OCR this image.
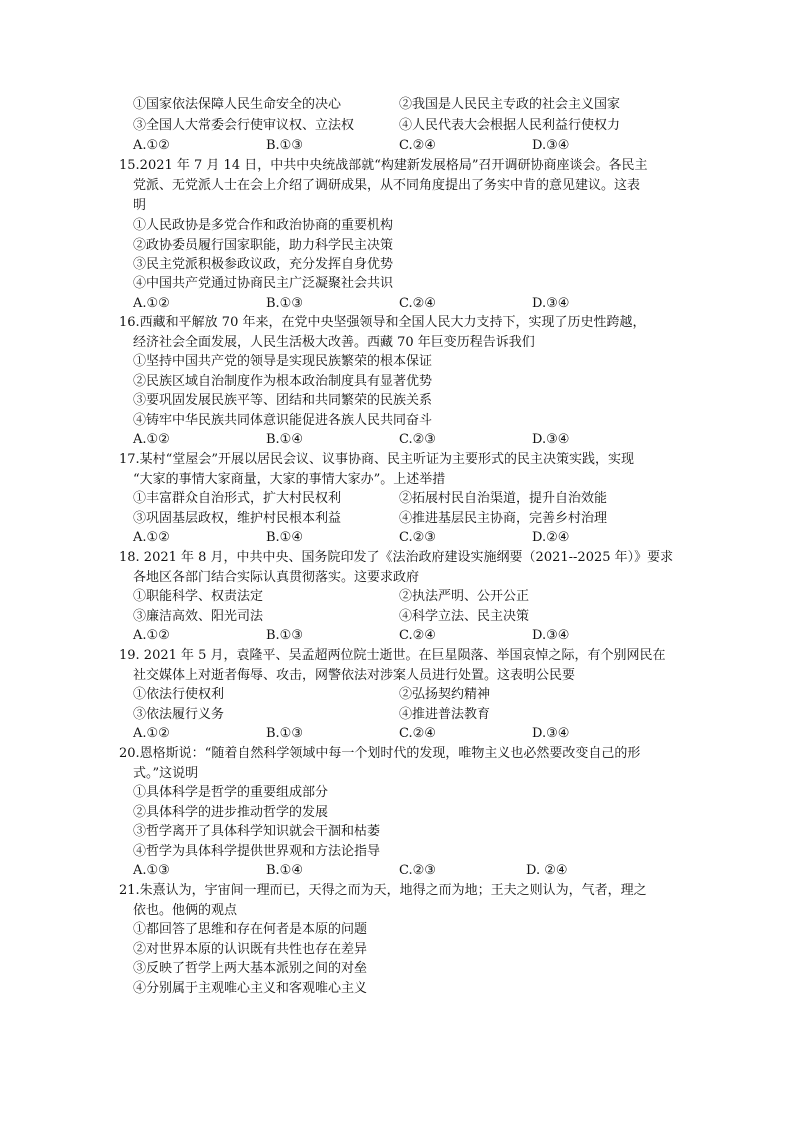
①国家依法保障人民生命安全的决心	②我国是人民民主专政的社会主义国家
③全国人大常委会行使审议权、立法权	④人民代表大会根据人民利益行使权力
A.①②	B.①③	C.②④	D.③④
15.2021 年 7 月 14 日，中共中央统战部就“构建新发展格局”召开调研协商座谈会。各民主
党派、无党派人士在会上介绍了调研成果，从不同角度提出了务实中肯的意见建议。这表
明
①人民政协是多党合作和政治协商的重要机构
②政协委员履行国家职能，助力科学民主决策
③民主党派积极参政议政，充分发挥自身优势
④中国共产党通过协商民主广泛凝聚社会共识
A.①②	B.①③	C.②④	D.③④
16.西藏和平解放 70 年来，在党中央坚强领导和全国人民大力支持下，实现了历史性跨越，
经济社会全面发展，人民生活极大改善。西藏 70 年巨变历程告诉我们
①坚持中国共产党的领导是实现民族繁荣的根本保证
②民族区域自治制度作为根本政治制度具有显著优势
③要巩固发展民族平等、团结和共同繁荣的民族关系
④铸牢中华民族共同体意识能促进各族人民共同奋斗
A.①②	B.①④	C.②③	D.③④
17.某村“堂屋会”开展以居民会议、议事协商、民主听证为主要形式的民主决策实践，实现
“大家的事情大家商量，大家的事情大家办”。上述举措
①丰富群众自治形式，扩大村民权利	②拓展村民自治渠道，提升自治效能
③巩固基层政权，维护村民根本利益	④推进基层民主协商，完善乡村治理
A.①②	B.①④	C.②③	D.②④
18. 2021 年 8 月，中共中央、国务院印发了《法治政府建设实施纲要（2021--2025 年）》要求
各地区各部门结合实际认真贯彻落实。这要求政府
①职能科学、权责法定	②执法严明、公开公正
③廉洁高效、阳光司法	④科学立法、民主决策
A.①②	B.①③	C.②④	D.③④
19. 2021 年 5 月，袁隆平、吴孟超两位院士逝世。在巨星陨落、举国哀悼之际，有个别网民在
社交媒体上对逝者侮辱、攻击，网警依法对涉案人员进行处置。这表明公民要
①依法行使权利	②弘扬契约精神
③依法履行义务	④推进普法教育
A.①②	B.①③	C.②④	D.③④
20.恩格斯说：“随着自然科学领域中每一个划时代的发现，唯物主义也必然要改变自己的形
式。”这说明
①具体科学是哲学的重要组成部分
②具体科学的进步推动哲学的发展
③哲学离开了具体科学知识就会干涸和枯萎
④哲学为具体科学提供世界观和方法论指导
A.①③	B.①④	C.②③	D. ②④
21.朱熹认为，宇宙间一理而已，天得之而为天，地得之而为地；王夫之则认为，气者，理之
依也。他俩的观点
①都回答了思维和存在何者是本原的问题
②对世界本原的认识既有共性也存在差异
③反映了哲学上两大基本派别之间的对垒
④分别属于主观唯心主义和客观唯心主义
